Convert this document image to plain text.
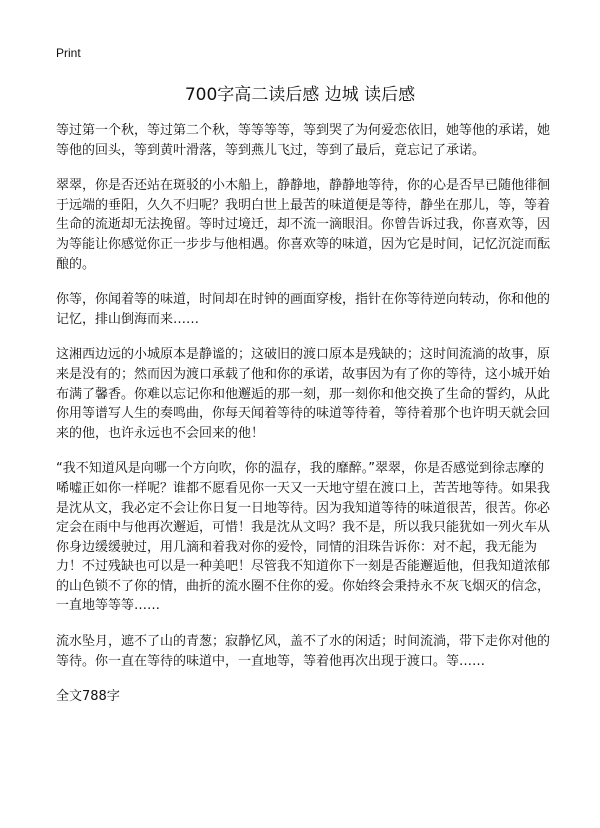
Print
700字高二读后感 边城 读后感

等过第一个秋，等过第二个秋，等等等等，等到哭了为何爱恋依旧，她等他的承诺，她等他的回头，等到黄叶滑落，等到燕儿飞过，等到了最后，竟忘记了承诺。

翠翠，你是否还站在斑驳的小木船上，静静地，静静地等待，你的心是否早已随他徘徊于远端的垂阳，久久不归呢？我明白世上最苦的味道便是等待，静坐在那儿，等，等着生命的流逝却无法挽留。等时过境迁，却不流一滴眼泪。你曾告诉过我，你喜欢等，因为等能让你感觉你正一步步与他相遇。你喜欢等的味道，因为它是时间，记忆沉淀而酝酿的。

你等，你闻着等的味道，时间却在时钟的画面穿梭，指针在你等待逆向转动，你和他的记忆，排山倒海而来……

这湘西边远的小城原本是静谧的；这破旧的渡口原本是残缺的；这时间流淌的故事，原来是没有的；然而因为渡口承载了他和你的承诺，故事因为有了你的等待，这小城开始布满了馨香。你难以忘记你和他邂逅的那一刻，那一刻你和他交换了生命的誓约，从此你用等谱写人生的奏鸣曲，你每天闻着等待的味道等待着，等待着那个也许明天就会回来的他，也许永远也不会回来的他！

“我不知道风是向哪一个方向吹，你的温存，我的靡醉。”翠翠，你是否感觉到徐志摩的唏嘘正如你一样呢？谁都不愿看见你一天又一天地守望在渡口上，苦苦地等待。如果我是沈从文，我必定不会让你日复一日地等待。因为我知道等待的味道很苦，很苦。你必定会在雨中与他再次邂逅，可惜！我是沈从文吗？我不是，所以我只能犹如一列火车从你身边缓缓驶过，用几滴和着我对你的爱怜，同情的泪珠告诉你：对不起，我无能为力！不过残缺也可以是一种美吧！尽管我不知道你下一刻是否能邂逅他，但我知道浓郁的山色锁不了你的情，曲折的流水圈不住你的爱。你始终会秉持永不灰飞烟灭的信念，一直地等等等……

流水坠月，遮不了山的青葱；寂静忆风，盖不了水的闲适；时间流淌，带下走你对他的等待。你一直在等待的味道中，一直地等，等着他再次出现于渡口。等……

全文788字
